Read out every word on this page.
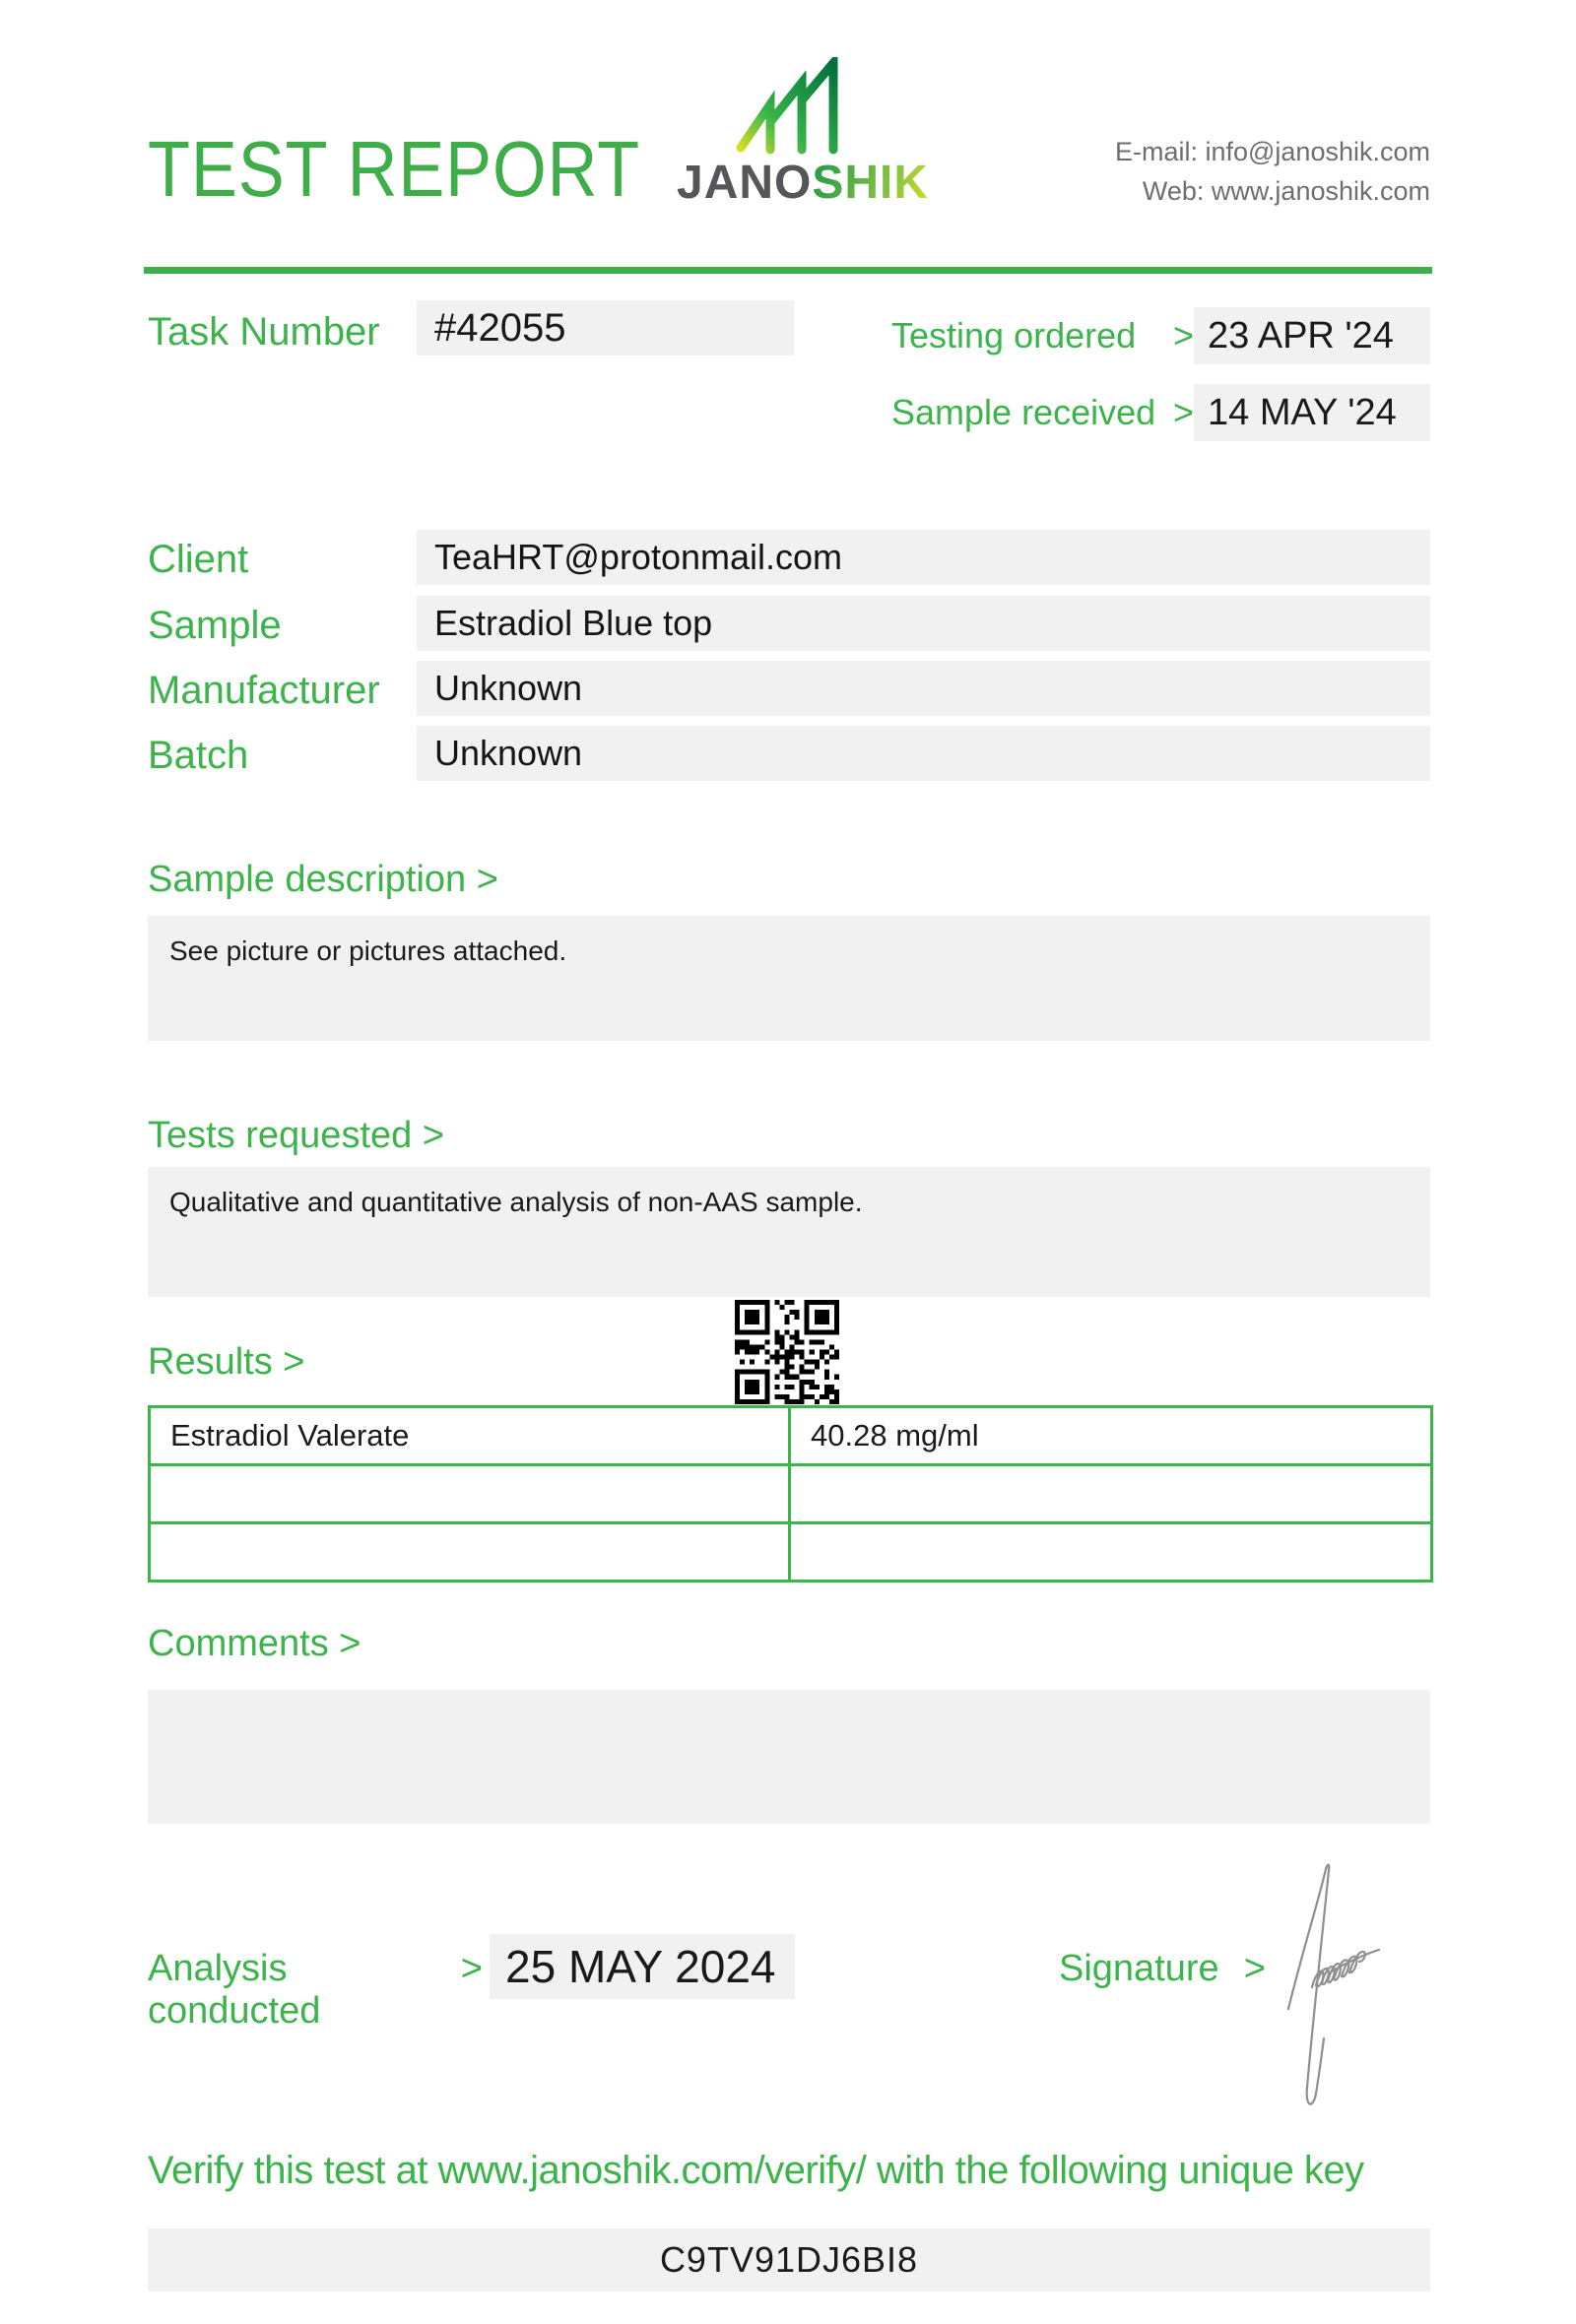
TEST REPORT JANOSHIK
E-mail: info@janoshik.com
Web: www.janoshik.com
Task Number	#42055	Testing ordered > 23 APR '24
Sample received > 14 MAY '24
Client	TeaHRT@protonmail.com
Sample	Estradiol Blue top
Manufacturer	Unknown
Batch	Unknown
Sample description >
See picture or pictures attached.
Tests requested >
Qualitative and quantitative analysis of non-AAS sample.
Results >
Estradiol Valerate	40.28 mg/ml

Comments >
Analysis conducted
> 25 MAY 2024	Signature >
Verify this test at www.janoshik.com/verify/ with the following unique key
C9TV91DJ6BI8
